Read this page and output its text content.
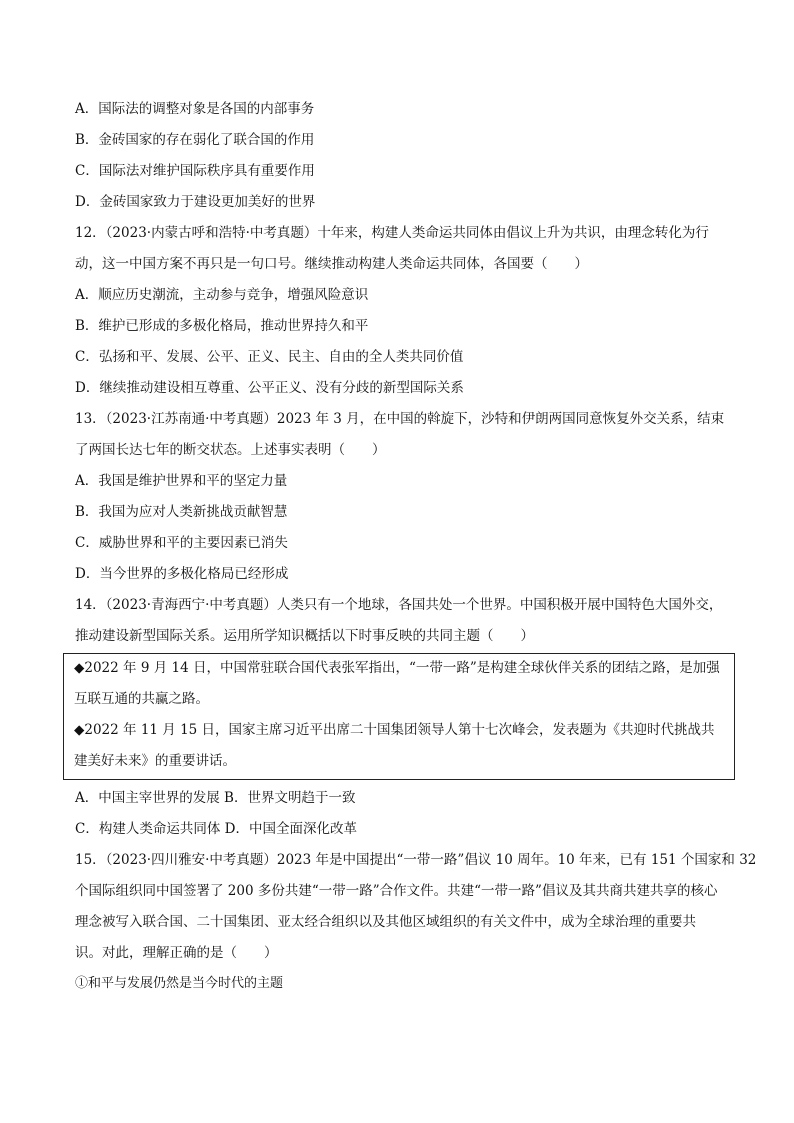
A．国际法的调整对象是各国的内部事务
B．金砖国家的存在弱化了联合国的作用
C．国际法对维护国际秩序具有重要作用
D．金砖国家致力于建设更加美好的世界
12．（2023·内蒙古呼和浩特·中考真题）十年来，构建人类命运共同体由倡议上升为共识，由理念转化为行
动，这一中国方案不再只是一句口号。继续推动构建人类命运共同体，各国要（　　）
A．顺应历史潮流，主动参与竞争，增强风险意识
B．维护已形成的多极化格局，推动世界持久和平
C．弘扬和平、发展、公平、正义、民主、自由的全人类共同价值
D．继续推动建设相互尊重、公平正义、没有分歧的新型国际关系
13．（2023·江苏南通·中考真题）2023 年 3 月，在中国的斡旋下，沙特和伊朗两国同意恢复外交关系，结束
了两国长达七年的断交状态。上述事实表明（　　）
A．我国是维护世界和平的坚定力量
B．我国为应对人类新挑战贡献智慧
C．威胁世界和平的主要因素已消失
D．当今世界的多极化格局已经形成
14．（2023·青海西宁·中考真题）人类只有一个地球，各国共处一个世界。中国积极开展中国特色大国外交，
推动建设新型国际关系。运用所学知识概括以下时事反映的共同主题（　　）
◆2022 年 9 月 14 日，中国常驻联合国代表张军指出，“一带一路”是构建全球伙伴关系的团结之路，是加强
互联互通的共赢之路。
◆2022 年 11 月 15 日，国家主席习近平出席二十国集团领导人第十七次峰会，发表题为《共迎时代挑战共
建美好未来》的重要讲话。
A．中国主宰世界的发展 B．世界文明趋于一致
C．构建人类命运共同体 D．中国全面深化改革
15．（2023·四川雅安·中考真题）2023 年是中国提出“一带一路”倡议 10 周年。10 年来，已有 151 个国家和 32
个国际组织同中国签署了 200 多份共建“一带一路”合作文件。共建“一带一路”倡议及其共商共建共享的核心
理念被写入联合国、二十国集团、亚太经合组织以及其他区域组织的有关文件中，成为全球治理的重要共
识。对此，理解正确的是（　　）
①和平与发展仍然是当今时代的主题
